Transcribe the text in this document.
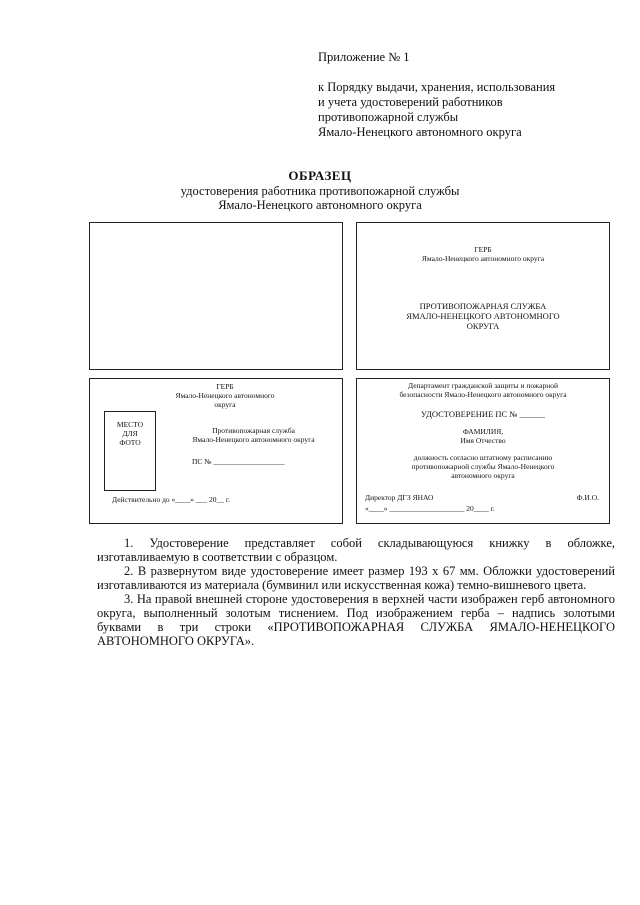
Приложение № 1
к Порядку выдачи, хранения, использования
и учета удостоверений работников
противопожарной службы
Ямало-Ненецкого автономного округа
ОБРАЗЕЦ
удостоверения работника противопожарной службы
Ямало-Ненецкого автономного округа
ГЕРБ
Ямало-Ненецкого автономного округа
ПРОТИВОПОЖАРНАЯ СЛУЖБА
ЯМАЛО-НЕНЕЦКОГО АВТОНОМНОГО
ОКРУГА
ГЕРБ
Ямало-Ненецкого автономного
округа
МЕСТО
ДЛЯ
ФОТО
Противопожарная служба
Ямало-Ненецкого автономного округа
ПС № ___________________
Действительно до «____» ___ 20__ г.
Департамент гражданской защиты и пожарной
безопасности Ямало-Ненецкого автономного округа
УДОСТОВЕРЕНИЕ ПС № ______
ФАМИЛИЯ,
Имя Отчество
должность согласно штатному расписанию
противопожарной службы Ямало-Ненецкого
автономного округа
Директор ДГЗ ЯНАО	Ф.И.О.
«____» ____________________ 20____ г.

1. Удостоверение представляет собой складывающуюся книжку в обложке, изготавливаемую в соответствии с образцом.

2. В развернутом виде удостоверение имеет размер 193 x 67 мм. Обложки удостоверений изготавливаются из материала (бумвинил или искусственная кожа) темно-вишневого цвета.

3. На правой внешней стороне удостоверения в верхней части изображен герб автономного округа, выполненный золотым тиснением. Под изображением герба – надпись золотыми буквами в три строки «ПРОТИВОПОЖАРНАЯ СЛУЖБА ЯМАЛО-НЕНЕЦКОГО АВТОНОМНОГО ОКРУГА».
